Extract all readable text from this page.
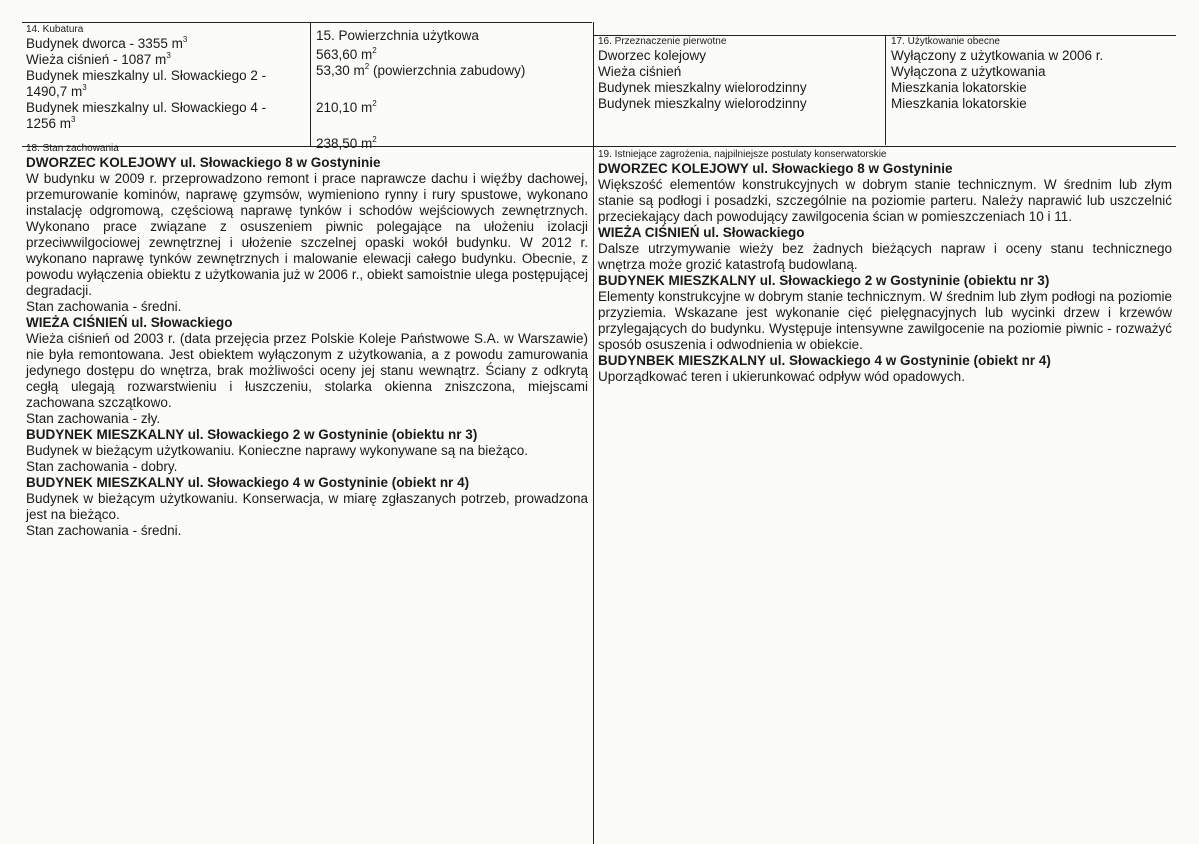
14. Kubatura

Budynek dworca - 3355 $m^3$

Wieża ciśnień - 1087 $m^3$

Budynek mieszkalny ul. Słowackiego 2 -

1490,7 $m^3$

Budynek mieszkalny ul. Słowackiego 4 -

1256 $m^3$

15. Powierzchnia użytkowa

563,60 $m^2$

53,30 $m^2$ (powierzchnia zabudowy)

210,10 $m^2$

238,50 $m^2$

16. Przeznaczenie pierwotne

Dworzec kolejowy

Wieża ciśnień

Budynek mieszkalny wielorodzinny

Budynek mieszkalny wielorodzinny

17. Użytkowanie obecne

Wyłączony z użytkowania w 2006 r.

Wyłączona z użytkowania

Mieszkania lokatorskie

Mieszkania lokatorskie

18. Stan zachowania

DWORZEC KOLEJOWY ul. Słowackiego 8 w Gostyninie

W budynku w 2009 r. przeprowadzono remont i prace naprawcze dachu i więźby dachowej, przemurowanie kominów, naprawę gzymsów, wymieniono rynny i rury spustowe, wykonano instalację odgromową, częściową naprawę tynków i schodów wejściowych zewnętrznych. Wykonano prace związane z osuszeniem piwnic polegające na ułożeniu izolacji przeciwwilgociowej zewnętrznej i ułożenie szczelnej opaski wokół budynku. W 2012 r. wykonano naprawę tynków zewnętrznych i malowanie elewacji całego budynku. Obecnie, z powodu wyłączenia obiektu z użytkowania już w 2006 r., obiekt samoistnie ulega postępującej degradacji.

Stan zachowania - średni.

WIEŻA CIŚNIEŃ ul. Słowackiego

Wieża ciśnień od 2003 r. (data przejęcia przez Polskie Koleje Państwowe S.A. w Warszawie) nie była remontowana. Jest obiektem wyłączonym z użytkowania, a z powodu zamurowania jedynego dostępu do wnętrza, brak możliwości oceny jej stanu wewnątrz. Ściany z odkrytą cegłą ulegają rozwarstwieniu i łuszczeniu, stolarka okienna zniszczona, miejscami zachowana szczątkowo.

Stan zachowania - zły.

BUDYNEK MIESZKALNY ul. Słowackiego 2 w Gostyninie (obiektu nr 3)

Budynek w bieżącym użytkowaniu. Konieczne naprawy wykonywane są na bieżąco.

Stan zachowania - dobry.

BUDYNEK MIESZKALNY ul. Słowackiego 4 w Gostyninie (obiekt nr 4)

Budynek w bieżącym użytkowaniu. Konserwacja, w miarę zgłaszanych potrzeb, prowadzona jest na bieżąco.

Stan zachowania - średni.

19. Istniejące zagrożenia, najpilniejsze postulaty konserwatorskie

DWORZEC KOLEJOWY ul. Słowackiego 8 w Gostyninie

Większość elementów konstrukcyjnych w dobrym stanie technicznym. W średnim lub złym stanie są podłogi i posadzki, szczególnie na poziomie parteru. Należy naprawić lub uszczelnić przeciekający dach powodujący zawilgocenia ścian w pomieszczeniach 10 i 11.

WIEŻA CIŚNIEŃ ul. Słowackiego

Dalsze utrzymywanie wieży bez żadnych bieżących napraw i oceny stanu technicznego wnętrza może grozić katastrofą budowlaną.

BUDYNEK MIESZKALNY ul. Słowackiego 2 w Gostyninie (obiektu nr 3)

Elementy konstrukcyjne w dobrym stanie technicznym. W średnim lub złym podłogi na poziomie przyziemia. Wskazane jest wykonanie cięć pielęgnacyjnych lub wycinki drzew i krzewów przylegających do budynku. Występuje intensywne zawilgocenie na poziomie piwnic - rozważyć sposób osuszenia i odwodnienia w obiekcie.

BUDYNBEK MIESZKALNY ul. Słowackiego 4 w Gostyninie (obiekt nr 4)

Uporządkować teren i ukierunkować odpływ wód opadowych.
